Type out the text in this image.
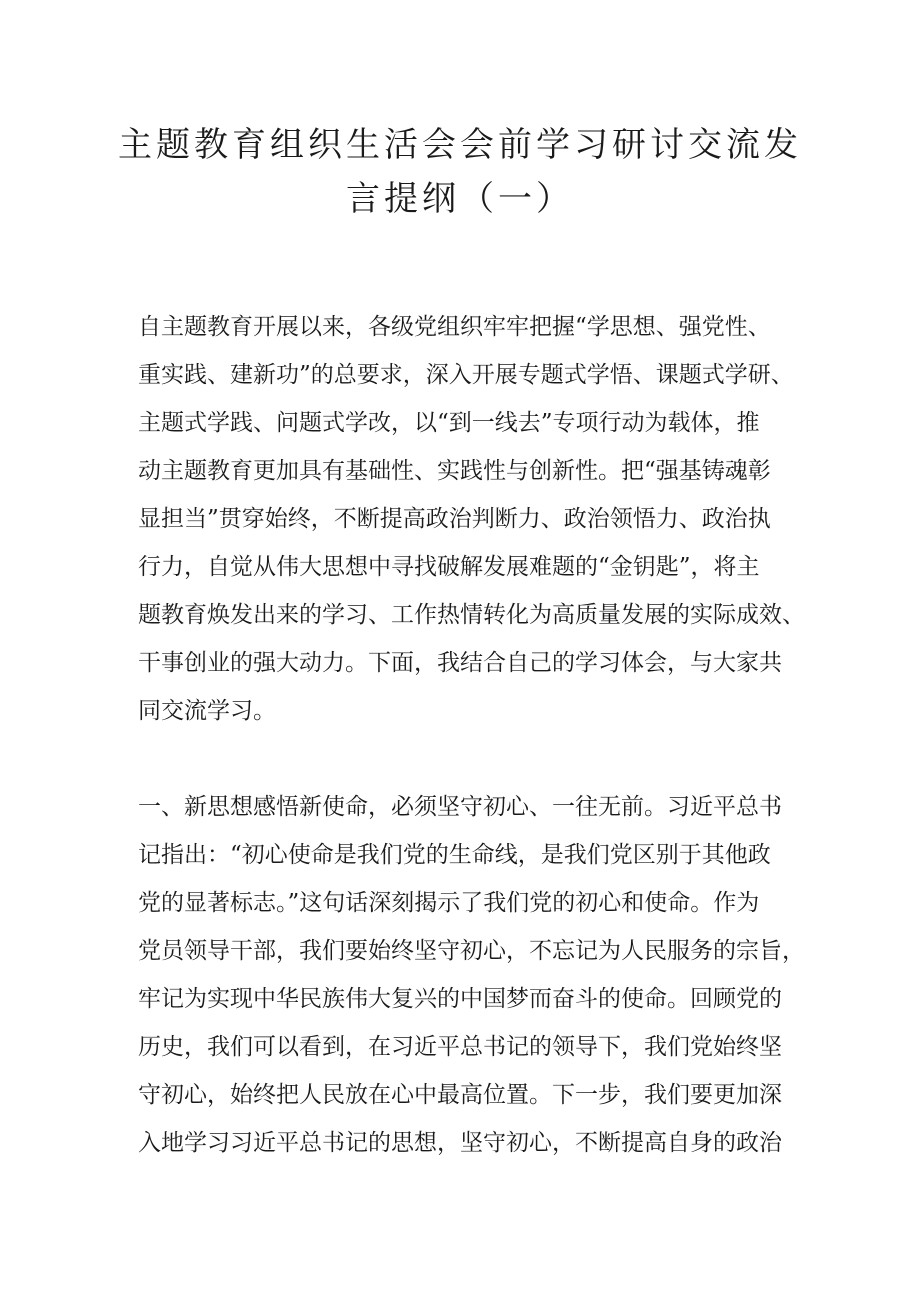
主题教育组织生活会会前学习研讨交流发
言提纲（一）
自主题教育开展以来，各级党组织牢牢把握“学思想、强党性、
重实践、建新功”的总要求，深入开展专题式学悟、课题式学研、
主题式学践、问题式学改，以“到一线去”专项行动为载体，推
动主题教育更加具有基础性、实践性与创新性。把“强基铸魂彰
显担当”贯穿始终，不断提高政治判断力、政治领悟力、政治执
行力，自觉从伟大思想中寻找破解发展难题的“金钥匙”，将主
题教育焕发出来的学习、工作热情转化为高质量发展的实际成效、
干事创业的强大动力。下面，我结合自己的学习体会，与大家共
同交流学习。
一、新思想感悟新使命，必须坚守初心、一往无前。习近平总书
记指出：“初心使命是我们党的生命线，是我们党区别于其他政
党的显著标志。”这句话深刻揭示了我们党的初心和使命。作为
党员领导干部，我们要始终坚守初心，不忘记为人民服务的宗旨，
牢记为实现中华民族伟大复兴的中国梦而奋斗的使命。回顾党的
历史，我们可以看到，在习近平总书记的领导下，我们党始终坚
守初心，始终把人民放在心中最高位置。下一步，我们要更加深
入地学习习近平总书记的思想，坚守初心，不断提高自身的政治
